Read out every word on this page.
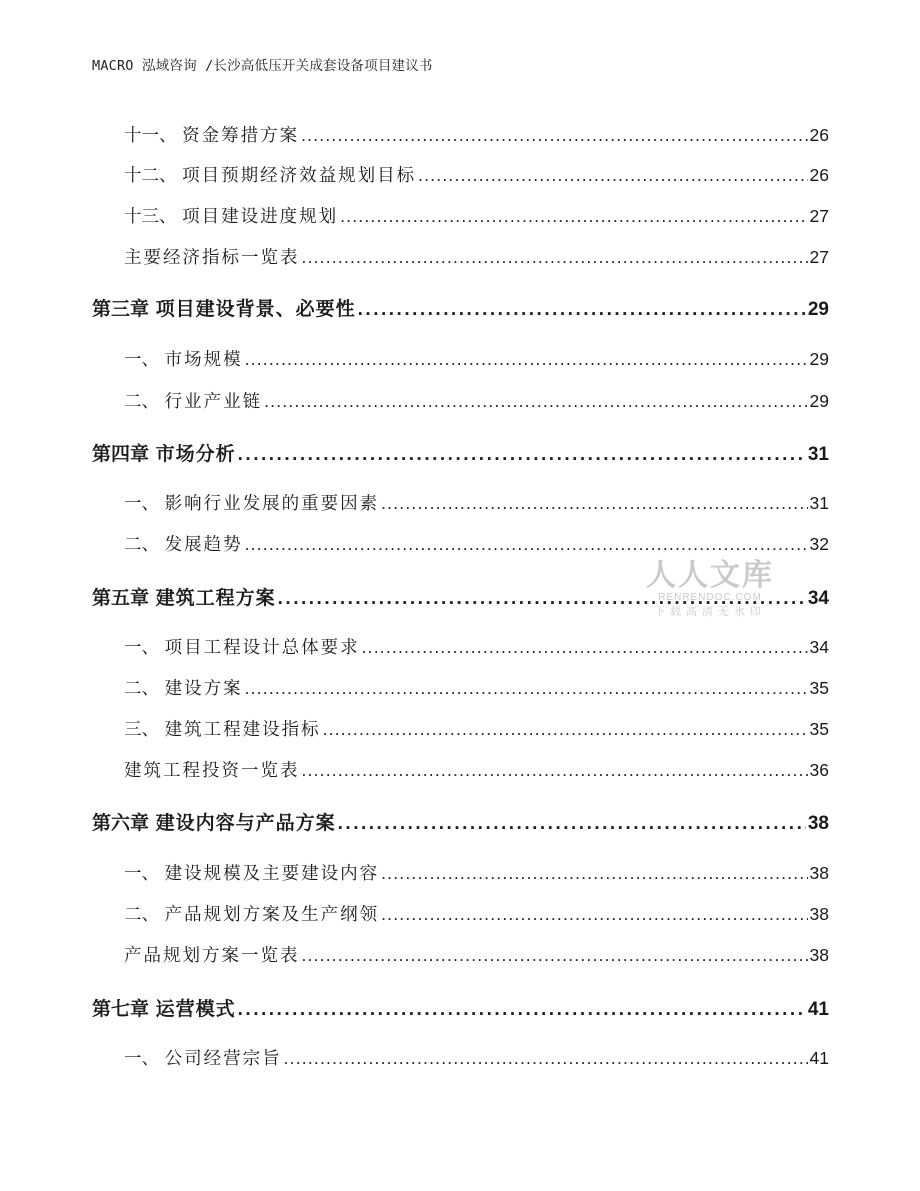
MACRO 泓域咨询 /长沙高低压开关成套设备项目建议书
十一、 资金筹措方案 .....	26
十二、 项目预期经济效益规划目标 .....	26
十三、 项目建设进度规划 .....	27
主要经济指标一览表 .....	27
第三章 项目建设背景、必要性 .....	29
一、 市场规模 .....	29
二、 行业产业链 .....	29
第四章 市场分析 .....	31
一、 影响行业发展的重要因素 .....	31
二、 发展趋势 .....	32
第五章 建筑工程方案 .....	34
一、 项目工程设计总体要求 .....	34
二、 建设方案 .....	35
三、 建筑工程建设指标 .....	35
建筑工程投资一览表 .....	36
第六章 建设内容与产品方案 .....	38
一、 建设规模及主要建设内容 .....	38
二、 产品规划方案及生产纲领 .....	38
产品规划方案一览表 .....	38
第七章 运营模式 .....	41
一、 公司经营宗旨 .....	41
人人文库
RENRENDOC.COM
下载高清无水印
